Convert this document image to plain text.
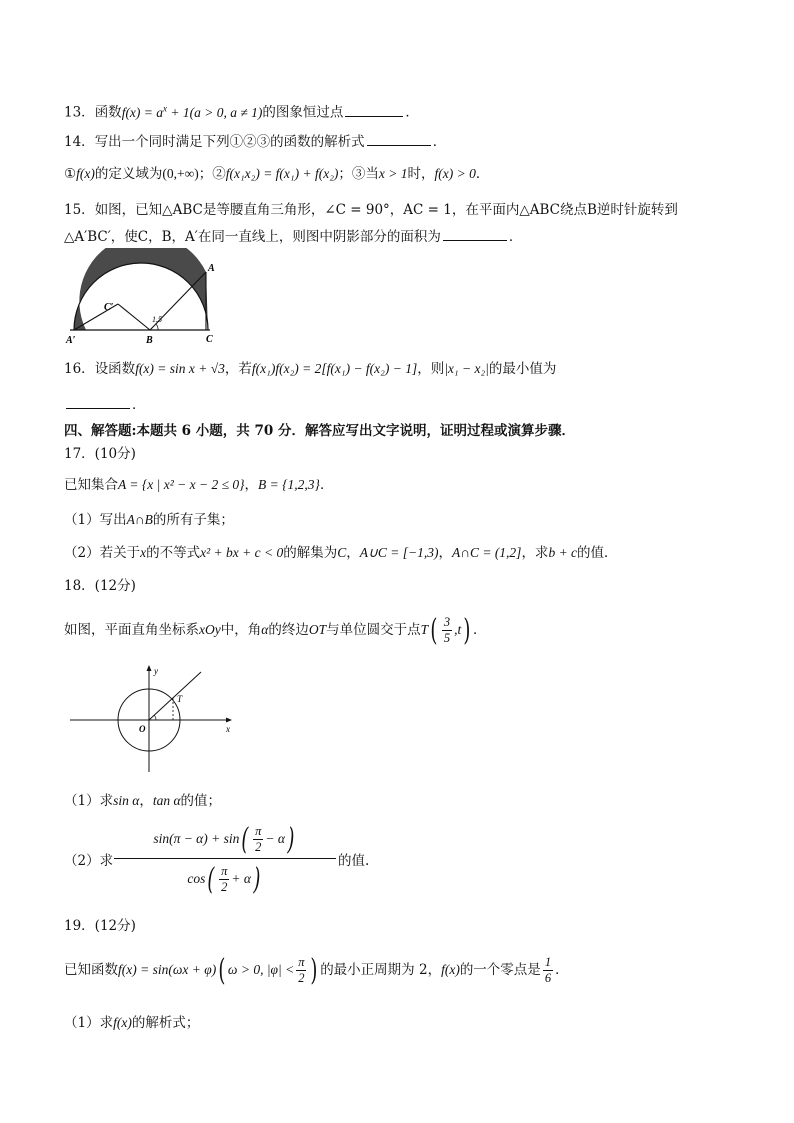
13．函数$f(x) = a^x + 1(a > 0$, a ≠ 1)的图象恒过点	．
14．写出一个同时满足下列①②③的函数的解析式	．
①f(x)的定义域为(0,+∞)；②f(x₁x₂) = f(x₁) + f(x₂)；③当x > 1时，f(x) > 0．
15．如图，已知△ABC是等腰直角三角形，∠C = 90°，AC = 1，在平面内△ABC绕点B逆时针旋转到
△A′BC′，使C，B，A′在同一直线上，则图中阴影部分的面积为	．
A
C
B
A′
C′
1.5
16．设函数f(x) = sin x + √3，若f(x₁)f(x₂) = 2[f(x₁) − f(x₂) − 1]，则|x₁ − x₂|的最小值为
．
四、解答题:本题共 6 小题，共 70 分．解答应写出文字说明，证明过程或演算步骤．
17．(10分)
已知集合A = {x | x² − x − 2 ≤ 0}，B = {1,2,3}．
（1）写出A∩B的所有子集；
（2）若关于x的不等式x² + bx + c < 0的解集为C，A∪C = [−1,3)，A∩C = (1,2]，求b + c的值．
18．(12分)
如图，平面直角坐标系xOy中，角α的终边OT与单位圆交于点$T( \frac{3}{5} ,t)$ ．
y
x
O
T
（1）求sin α，tan α的值；
（2）求 $\frac{\sin(\pi - \alpha) + \sin( \frac{\pi}{2} - \alpha)}{\cos( \frac{\pi}{2} + \alpha)}$ 的值.
19．(12分)
已知函数f(x) = sin(ωx + φ)( ω > 0, $|\varphi| < \frac{\pi}{2}$ ) 的最小正周期为 2，f(x)的一个零点是 $\frac{1}{6}$ ．
（1）求f(x)的解析式；
